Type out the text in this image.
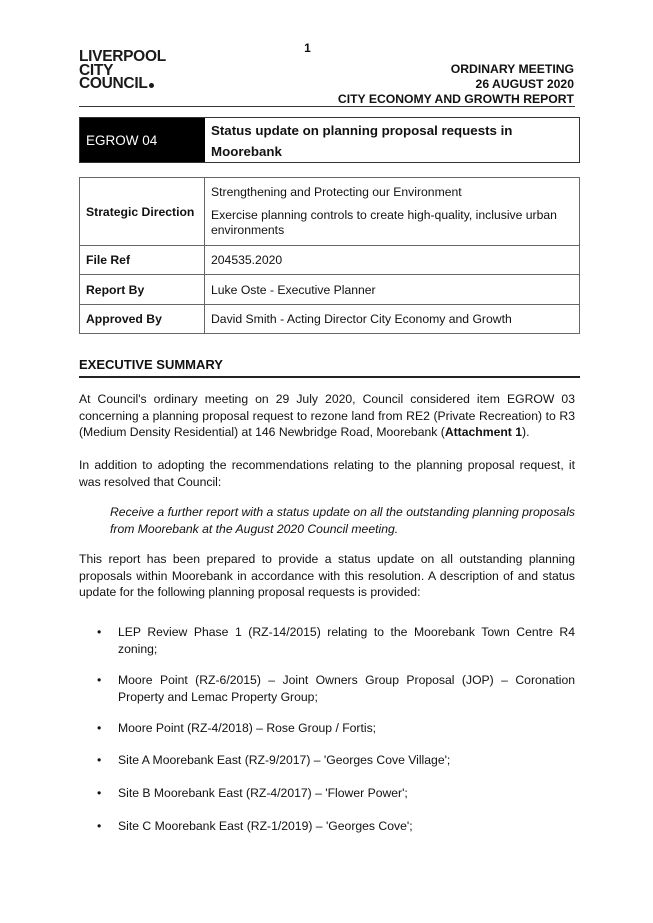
1
LIVERPOOL
CITY
COUNCIL
ORDINARY MEETING
26 AUGUST 2020
CITY ECONOMY AND GROWTH REPORT
EGROW 04
Status update on planning proposal requests in Moorebank
Strategic Direction	Strengthening and Protecting our Environment

Exercise planning controls to create high-quality, inclusive urban environments

File Ref	204535.2020
Report By	Luke Oste - Executive Planner
Approved By	David Smith - Acting Director City Economy and Growth
EXECUTIVE SUMMARY

At Council's ordinary meeting on 29 July 2020, Council considered item EGROW 03 concerning a planning proposal request to rezone land from RE2 (Private Recreation) to R3 (Medium Density Residential) at 146 Newbridge Road, Moorebank (Attachment 1).

In addition to adopting the recommendations relating to the planning proposal request, it was resolved that Council:

Receive a further report with a status update on all the outstanding planning proposals from Moorebank at the August 2020 Council meeting.

This report has been prepared to provide a status update on all outstanding planning proposals within Moorebank in accordance with this resolution. A description of and status update for the following planning proposal requests is provided:

• LEP Review Phase 1 (RZ-14/2015) relating to the Moorebank Town Centre R4 zoning;
• Moore Point (RZ-6/2015) – Joint Owners Group Proposal (JOP) – Coronation Property and Lemac Property Group;
• Moore Point (RZ-4/2018) – Rose Group / Fortis;
• Site A Moorebank East (RZ-9/2017) – 'Georges Cove Village';
• Site B Moorebank East (RZ-4/2017) – 'Flower Power';
• Site C Moorebank East (RZ-1/2019) – 'Georges Cove';
